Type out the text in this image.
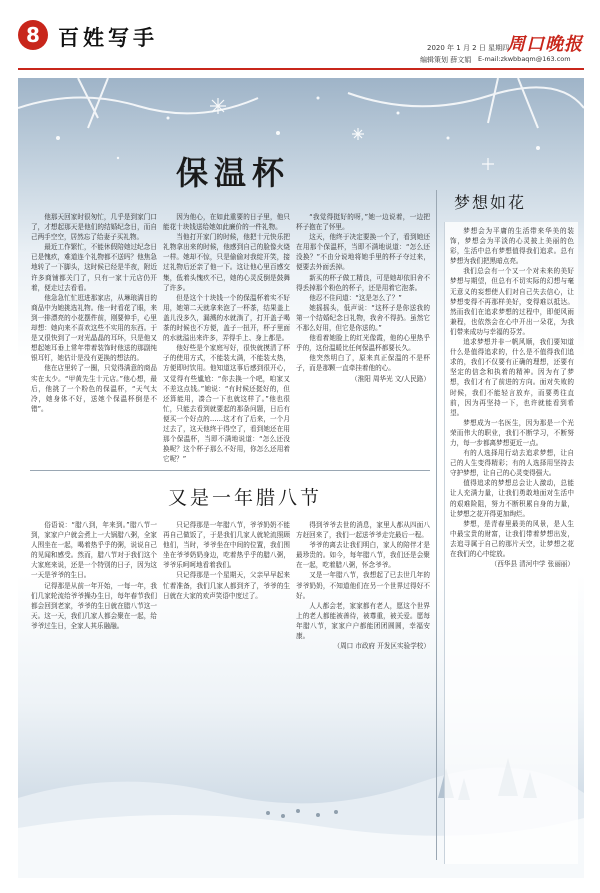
8 百姓写手	2020 年 1 月 2 日 星期四
编辑策划 薛文娟
周口晚报
E-mail:zkwbbaqm@163.com
保温杯
梦想如花
又是一年腊八节

他那天回家时很匆忙，几乎是到家门口了，才想起那天是他们的结婚纪念日，而自己两手空空，居然忘了给妻子买礼物。

最近工作繁忙，不能休假陪她过纪念日已是愧疚，难道连个礼物都不送吗？他焦急地转了一下脚头，这时候已经是半夜，附近许多商铺都关门了，只有一家十元店仍开着，便走过去看看。

他急急忙忙逛进那家店，从琳琅满目的商品中为她挑选礼物。他一时看花了眼，来到一排漂亮的小花摆件前，刚要伸手，心里却想：她向来不喜欢这些不实用的东西。于是又很快到了一对光晶晶的耳环，只是他又想起她耳垂上常年带着装饰时他送的那副纯银耳钉，她估计是没有更换的想法的。

他在店里转了一圈，只觉得满意的商品实在太少。“甲黄先生十元店。”他心想，最后，他挑了一个粉色的保温杯，“天气太冷，她身体不好，送她个保温杯倒是不错”。

因为他心，在如此重要的日子里，他只能花十块钱送给她如此廉价的一件礼物。

当他打开家门的时候，他把十元快乐把礼物拿出来的时候，他感到自己的脸像火烧一样。她却不惊，只是偷偷对我绽开笑，接过礼物后还亲了他一下。这让他心里百感交集，低着头愧疚不已，她的心灵反倒是鼓舞了许多。

但是这个十块钱一个的保温杯着实不好用，她第二天就拿来泡了一杯茶，结果盖上盖儿没多久，漏溅的水就淌了，打开盖子喝茶的时候也不方便，盖子一扭开，杯子里面的水就溢出来许多，弄得手上、身上都是。

他好些是个家庭写好，很快就摸清了杯子的使用方式，不能装太满，不能装太热，方便即时饮用。他知道这事后感到很开心，又觉得有些尴尬：“你去换一个吧，咱家又不差这点钱。”她说：“有时候还挺好的，但还算能用，凑合一下也就这样了。”他也很忙，只能去看到就要起的那条问题，日后有便买一个好点的……这才有了后来，一个月过去了，这天他终于得空了，看到她还在用那个保温杯，当即不满地说道：“怎么还没换呢？这个杯子那么不好用，你怎么还用着它呢？”

“我觉得挺好的呀，”她一边说着，一边把杯子抱在了怀里。

这天，他终于决定要换一个了，看到她还在用那个保温杯，当即不满地说道：“怎么还没换？”不由分说地将她手里的杯子夺过来，便要去外面丢掉。

新买的杯子做工精良，可是她却依旧舍不得丢掉那个粉色的杯子，还是用着它泡茶。

他忍不住问道：“这是怎么了？”

她摇摇头，低声说：“这杯子是你送我的第一个结婚纪念日礼物，我舍不得扔。虽然它不那么好用，但它是你送的。”

他看着她脸上的红光像霞，他的心里热乎乎的，这份温暖比任何保温杯都要长久。

他突然明白了，原来真正保温的不是杯子，而是那颗一直牵挂着他的心。

（淮阳 周华光 文/人民路）

俗语说：“腊八到，年来到。”腊八节一到，家家户户就会煮上一大锅腊八粥，全家人围坐在一起，喝着热乎乎的粥，说说自己的见闻和感受。然而，腊八节对于我们这个大家庭来说，还是一个特别的日子，因为这一天是爷爷的生日。

记得那是从前一年开始，一每一年，我们几家轮流给爷爷操办生日，每年春节我们都会回到老家，爷爷的生日就在腊八节这一天。这一天，我们几家人都会聚在一起，给爷爷过生日，全家人其乐融融。

只记得那是一年腊八节，爷爷奶奶不能再自己做饭了，于是我们几家人就轮流照顾他们，当时，爷爷坐在中间的位置，我们围坐在爷爷奶奶身边，吃着热乎乎的腊八粥，爷爷乐呵呵地看着我们。

只记得那是一个星期天，父亲早早起来忙着准备，我们几家人都到齐了，爷爷的生日就在大家的欢声笑语中度过了。

得到爷爷去世的消息，家里人都从四面八方赶回来了，我们一起送爷爷走完最后一程。

爷爷的离去让我们明白，家人的陪伴才是最珍贵的。如今，每年腊八节，我们还是会聚在一起，吃着腊八粥，怀念爷爷。

又是一年腊八节，我想起了已去世几年的爷爷奶奶，不知道他们在另一个世界过得好不好。

人人都会老，家家都有老人，愿这个世界上的老人都能被善待，被尊重，被关爱。愿每年腊八节，家家户户都能团团圆圆，幸福安康。

（周口 市政府 开发区实验学校）

梦想会为平庸的生活带来华美的装饰，梦想会为平淡的心灵披上美丽的色彩，生活中总有梦想值得我们追求。总有梦想为我们把黑暗点亮。

我们总会有一个又一个对未来的美好梦想与期望，但总有不切实际的幻想与毫无意义的妄想使人们对自己失去信心，让梦想变得不再那样美好，变得难以抵达。然而我们在追求梦想的过程中，即便风雨兼程，也依然会在心中开出一朵花，为我们带来成功与幸福的芬芳。

追求梦想并非一帆风顺，我们要知道什么是值得追求的，什么是不值得我们追求的，我们不仅要有正确的理想，还要有坚定的信念和执着的精神。因为有了梦想，我们才有了前进的方向。面对失败的时候，我们不能轻言放弃，而要勇往直前，因为再坚持一下，也许就能看到希望。

梦想成为一名医生，因为那是一个光荣而伟大的职业，我们不断学习，不断努力，每一步都离梦想更近一点。

有的人选择用行动去追求梦想，让自己的人生变得精彩；有的人选择用坚持去守护梦想，让自己的心灵变得强大。

值得追求的梦想总会让人激动，总能让人充满力量，让我们勇敢地面对生活中的艰难险阻，努力不断积累自身的力量，让梦想之花开得更加绚烂。

梦想，是青春里最美的风景，是人生中最宝贵的财富，让我们带着梦想出发，去追寻属于自己的那片天空，让梦想之花在我们的心中绽放。

（西华县 清河中学 张丽丽）
